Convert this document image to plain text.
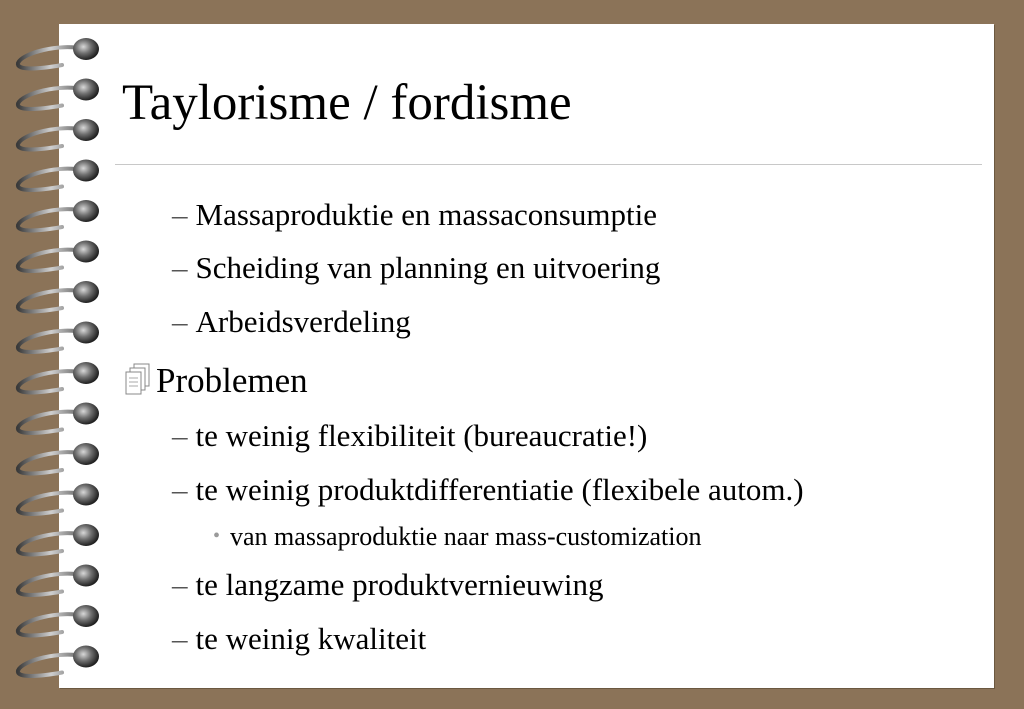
Taylorisme / fordisme
– Massaproduktie en massaconsumptie
– Scheiding van planning en uitvoering
– Arbeidsverdeling
Problemen
– te weinig flexibiliteit (bureaucratie!)
– te weinig produktdifferentiatie (flexibele autom.)
• van massaproduktie naar mass-customization
– te langzame produktvernieuwing
– te weinig kwaliteit
